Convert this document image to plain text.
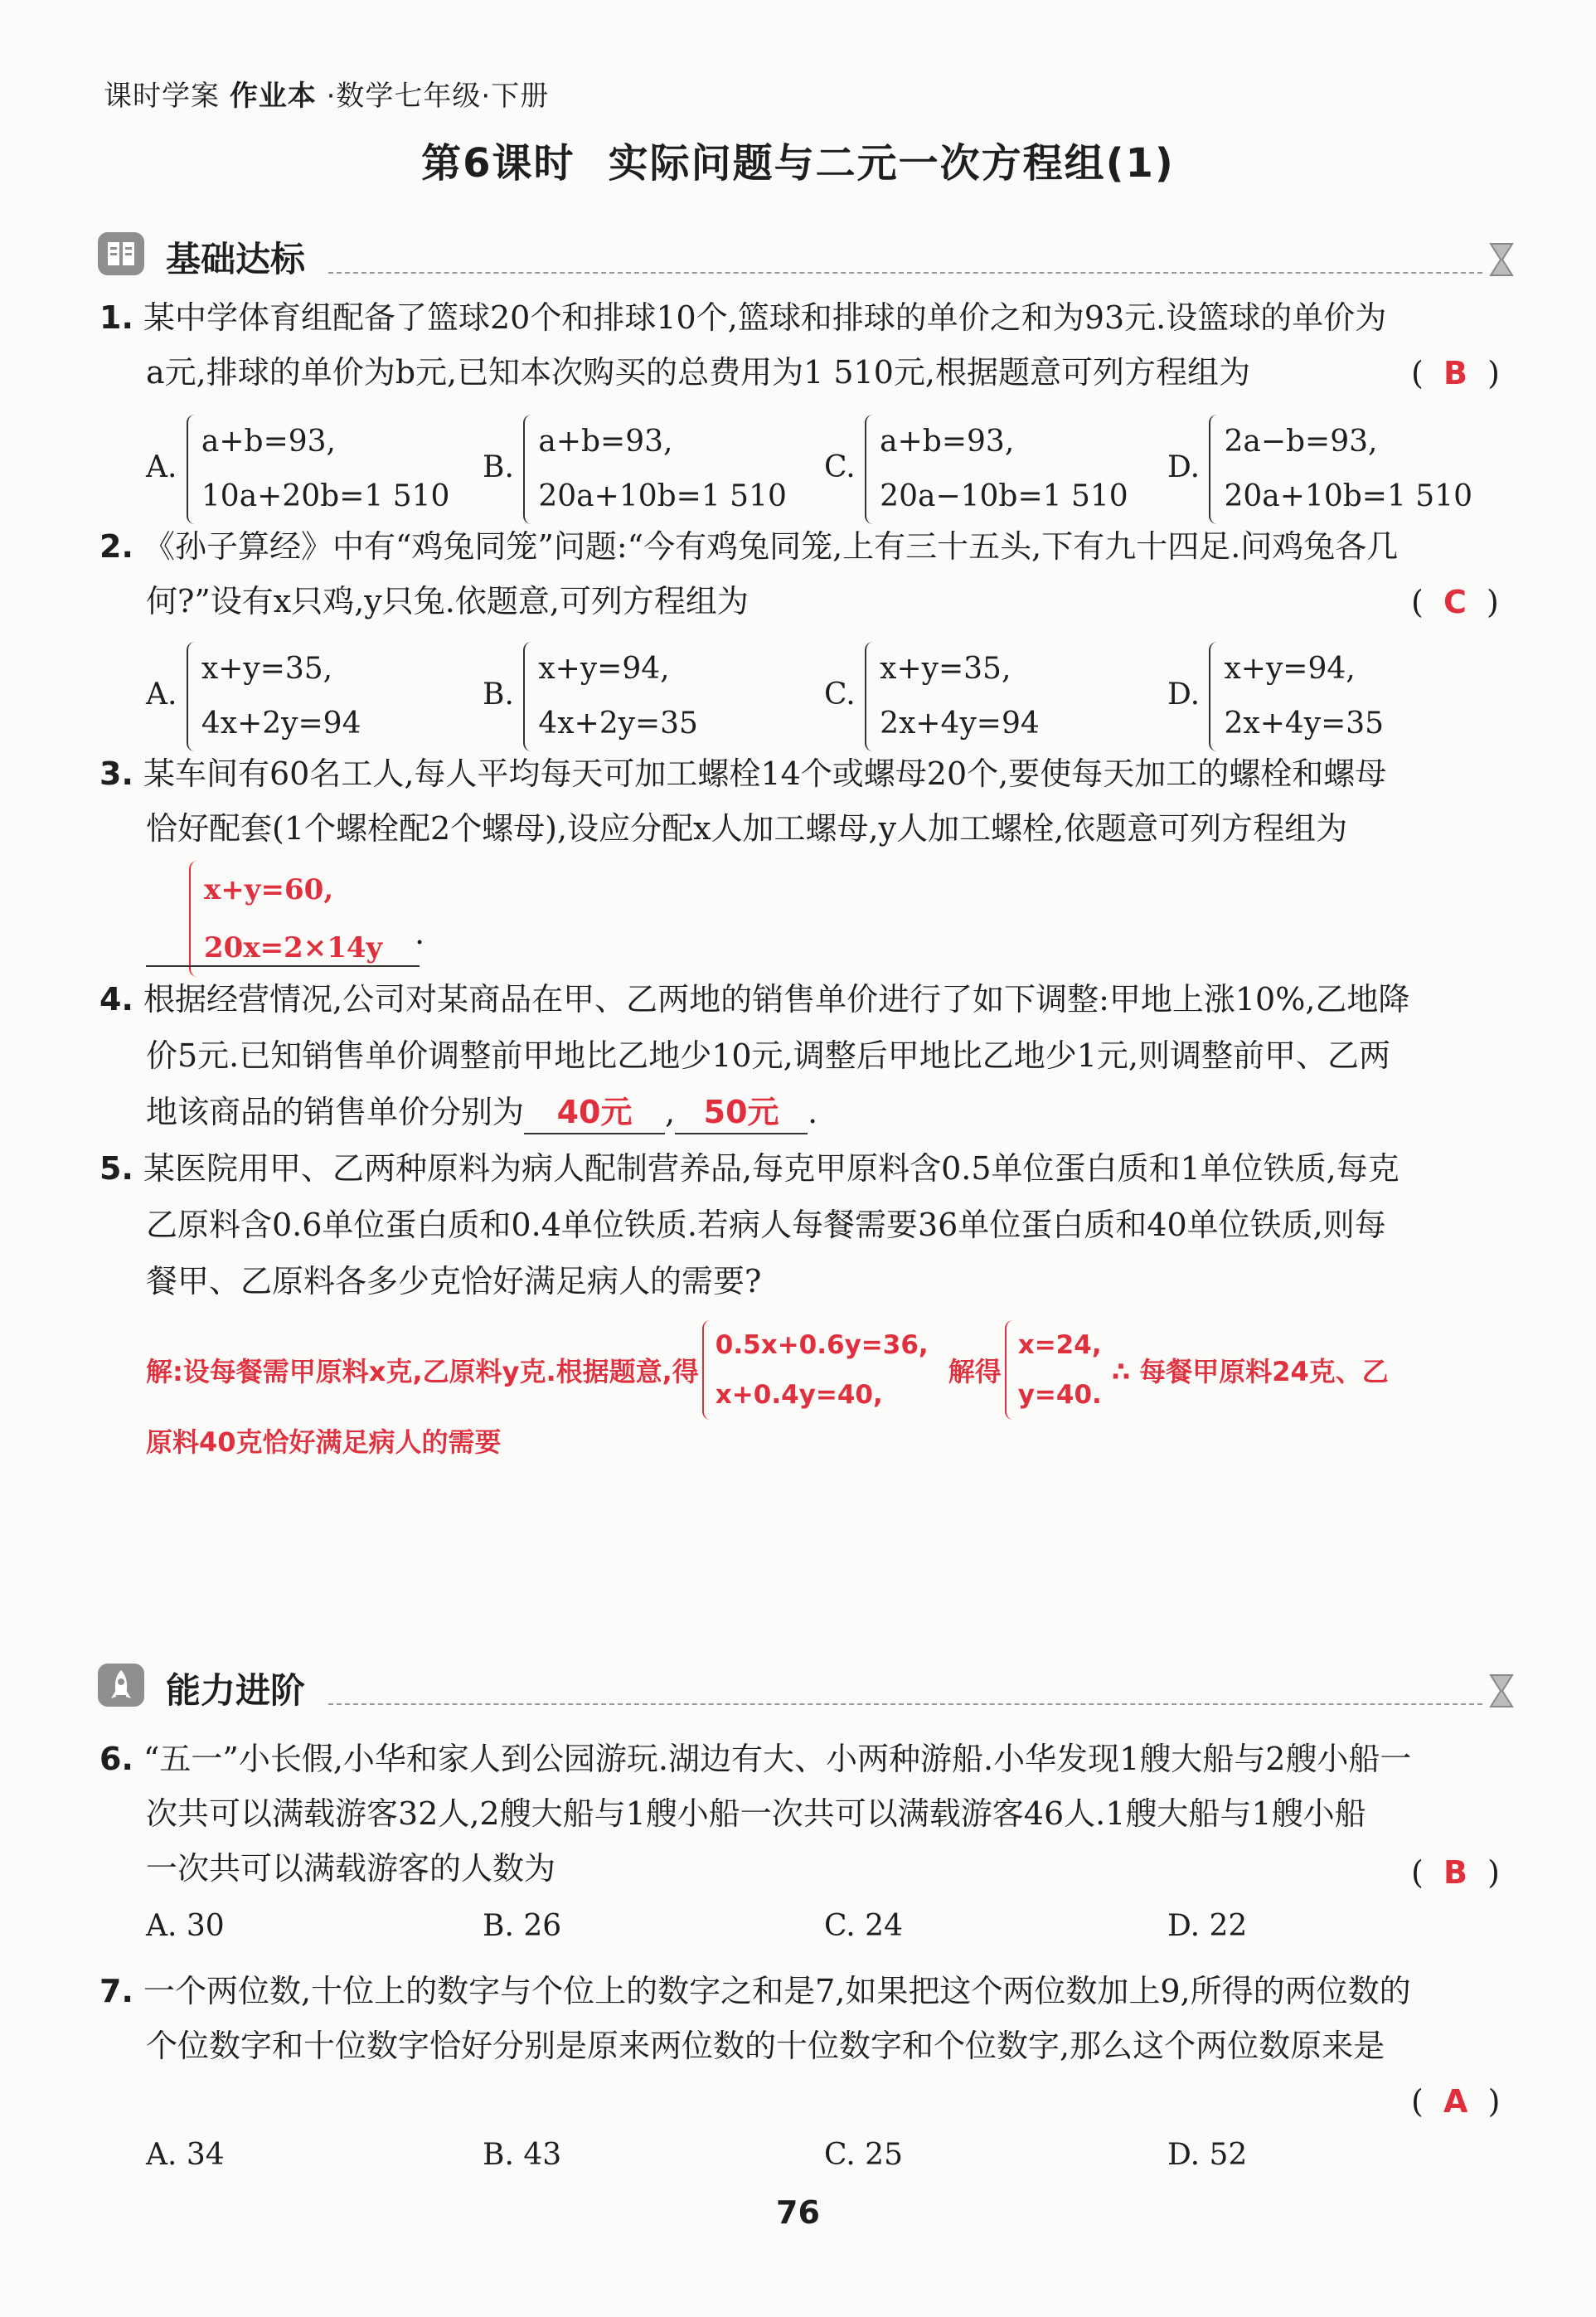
课时学案 作业本 ·数学七年级·下册
第6课时 实际问题与二元一次方程组(1)
基础达标
1. 某中学体育组配备了篮球20个和排球10个,篮球和排球的单价之和为93元.设篮球的单价为
a元,排球的单价为b元,已知本次购买的总费用为1 510元,根据题意可列方程组为	(  B  )
A.
a+b=93,
10a+20b=1 510
B.
a+b=93,
20a+10b=1 510
C.
a+b=93,
20a−10b=1 510
D.
2a−b=93,
20a+10b=1 510
2. 《孙子算经》中有“鸡兔同笼”问题:“今有鸡兔同笼,上有三十五头,下有九十四足.问鸡兔各几
何?”设有x只鸡,y只兔.依题意,可列方程组为	(  C  )
A.
x+y=35,
4x+2y=94
B.
x+y=94,
4x+2y=35
C.
x+y=35,
2x+4y=94
D.
x+y=94,
2x+4y=35
3. 某车间有60名工人,每人平均每天可加工螺栓14个或螺母20个,要使每天加工的螺栓和螺母
恰好配套(1个螺栓配2个螺母),设应分配x人加工螺母,y人加工螺栓,依题意可列方程组为
x+y=60,
20x=2×14y .
4. 根据经营情况,公司对某商品在甲、乙两地的销售单价进行了如下调整:甲地上涨10%,乙地降
价5元.已知销售单价调整前甲地比乙地少10元,调整后甲地比乙地少1元,则调整前甲、乙两
地该商品的销售单价分别为 40元 , 50元 .
5. 某医院用甲、乙两种原料为病人配制营养品,每克甲原料含0.5单位蛋白质和1单位铁质,每克
乙原料含0.6单位蛋白质和0.4单位铁质.若病人每餐需要36单位蛋白质和40单位铁质,则每
餐甲、乙原料各多少克恰好满足病人的需要?
解:设每餐需甲原料x克,乙原料y克.根据题意,得
0.5x+0.6y=36,
x+0.4y=40,
解得
x=24,
y=40.
∴ 每餐甲原料24克、乙
原料40克恰好满足病人的需要
能力进阶
6. “五一”小长假,小华和家人到公园游玩.湖边有大、小两种游船.小华发现1艘大船与2艘小船一
次共可以满载游客32人,2艘大船与1艘小船一次共可以满载游客46人.1艘大船与1艘小船
一次共可以满载游客的人数为	(  B  )
A. 30	B. 26	C. 24	D. 22
7. 一个两位数,十位上的数字与个位上的数字之和是7,如果把这个两位数加上9,所得的两位数的
个位数字和十位数字恰好分别是原来两位数的十位数字和个位数字,那么这个两位数原来是
(  A  )
A. 34	B. 43	C. 25	D. 52
76
